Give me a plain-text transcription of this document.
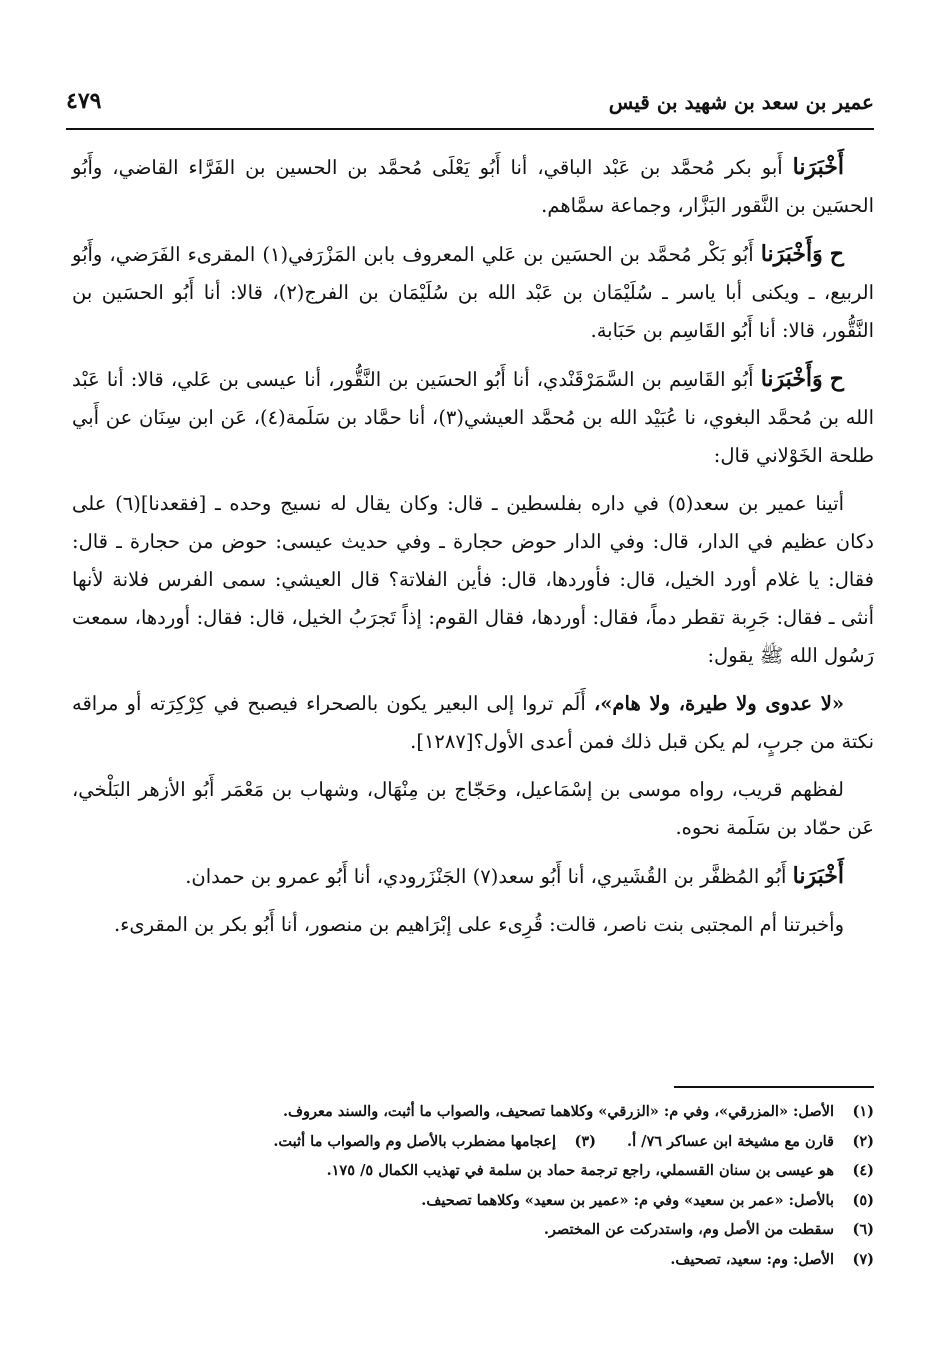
عمير بن سعد بن شهيد بن قيس
٤٧٩

أَخْبَرَنا أَبو بكر مُحمَّد بن عَبْد الباقي، أنا أَبُو يَعْلَى مُحمَّد بن الحسين بن الفَرَّاء القاضي، وأَبُو الحسَين بن النَّقور البَزَّار، وجماعة سمَّاهم.

ح وَأَخْبَرَنا أَبُو بَكْر مُحمَّد بن الحسَين بن عَلي المعروف بابن المَزْرَفي(١) المقرىء الفَرَضي، وأَبُو الربيع، ـ ويكنى أبا ياسر ـ سُلَيْمَان بن عَبْد الله بن سُلَيْمَان بن الفرج(٢)، قالا: أنا أَبُو الحسَين بن النَّقُّور، قالا: أنا أَبُو القَاسِم بن حَبَابة.

ح وَأَخْبَرَنا أَبُو القَاسِم بن السَّمَرْقَنْدي، أنا أَبُو الحسَين بن النَّقُّور، أنا عيسى بن عَلي، قالا: أنا عَبْد الله بن مُحمَّد البغوي، نا عُبَيْد الله بن مُحمَّد العيشي(٣)، أنا حمَّاد بن سَلَمة(٤)، عَن ابن سِنَان عن أَبي طلحة الخَوْلاني قال:

أتينا عمير بن سعد(٥) في داره بفلسطين ـ قال: وكان يقال له نسيج وحده ـ [فقعدنا](٦) على دكان عظيم في الدار، قال: وفي الدار حوض حجارة ـ وفي حديث عيسى: حوض من حجارة ـ قال: فقال: يا غلام أورد الخيل، قال: فأوردها، قال: فأين الفلاتة؟ قال العيشي: سمى الفرس فلانة لأنها أنثى ـ فقال: جَرِبة تقطر دماً، فقال: أوردها، فقال القوم: إذاً تَجرَبُ الخيل، قال: فقال: أوردها، سمعت رَسُول الله ﷺ يقول:

«لا عدوى ولا طيرة، ولا هام»، أَلَم تروا إلى البعير يكون بالصحراء فيصبح في كِرْكِرَته أو مراقه نكتة من جربٍ، لم يكن قبل ذلك فمن أعدى الأول؟[١٢٨٧].

لفظهم قريب، رواه موسى بن إسْمَاعيل، وحَجّاج بن مِنْهَال، وشهاب بن مَعْمَر أَبُو الأزهر البَلْخي، عَن حمّاد بن سَلَمة نحوه.

أَخْبَرَنا أَبُو المُظفَّر بن القُشَيري، أنا أَبُو سعد(٧) الجَنْزَرودي، أنا أَبُو عمرو بن حمدان.

وأخبرتنا أم المجتبى بنت ناصر، قالت: قُرِىء على إبْرَاهيم بن منصور، أنا أَبُو بكر بن المقرىء.

(١)الأصل: «المزرقي»، وفي م: «الزرقي» وكلاهما تصحيف، والصواب ما أثبت، والسند معروف.
(٢)قارن مع مشيخة ابن عساكر ٧٦/ أ. (٣)إعجامها مضطرب بالأصل وم والصواب ما أثبت.
(٤)هو عيسى بن سنان القسملي، راجع ترجمة حماد بن سلمة في تهذيب الكمال ٥/ ١٧٥.
(٥)بالأصل: «عمر بن سعيد» وفي م: «عمير بن سعيد» وكلاهما تصحيف.
(٦)سقطت من الأصل وم، واستدركت عن المختصر.
(٧)الأصل: وم: سعيد، تصحيف.
